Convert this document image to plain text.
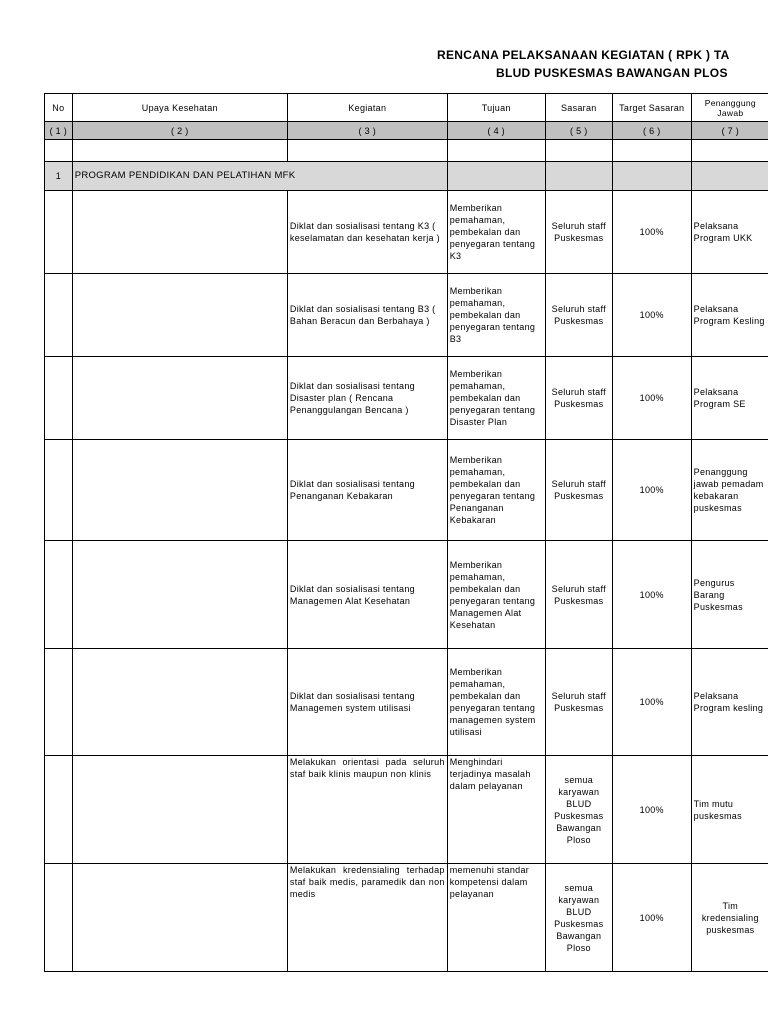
RENCANA PELAKSANAAN KEGIATAN ( RPK ) TA
BLUD PUSKESMAS BAWANGAN PLOS
No	Upaya Kesehatan	Kegiatan	Tujuan	Sasaran	Target Sasaran	Penanggung Jawab
( 1 )	( 2 )	( 3 )	( 4 )	( 5 )	( 6 )	( 7 )

1	PROGRAM PENDIDIKAN DAN PELATIHAN MFK					
		Diklat dan sosialisasi tentang K3 ( keselamatan dan kesehatan kerja )	Memberikan pemahaman, pembekalan dan penyegaran tentang K3	Seluruh staff Puskesmas	100%	Pelaksana Program UKK
		Diklat dan sosialisasi tentang B3 ( Bahan Beracun dan Berbahaya )	Memberikan pemahaman, pembekalan dan penyegaran tentang B3	Seluruh staff Puskesmas	100%	Pelaksana Program Kesling
		Diklat dan sosialisasi tentang Disaster plan ( Rencana Penanggulangan Bencana )	Memberikan pemahaman, pembekalan dan penyegaran tentang Disaster Plan	Seluruh staff Puskesmas	100%	Pelaksana Program SE
		Diklat dan sosialisasi tentang Penanganan Kebakaran	Memberikan pemahaman, pembekalan dan penyegaran tentang Penanganan Kebakaran	Seluruh staff Puskesmas	100%	Penanggung jawab pemadam kebakaran puskesmas
		Diklat dan sosialisasi tentang Managemen Alat Kesehatan	Memberikan pemahaman, pembekalan dan penyegaran tentang Managemen Alat Kesehatan	Seluruh staff Puskesmas	100%	Pengurus Barang Puskesmas
		Diklat dan sosialisasi tentang Managemen system utilisasi	Memberikan pemahaman, pembekalan dan penyegaran tentang managemen system utilisasi	Seluruh staff Puskesmas	100%	Pelaksana Program kesling
		Melakukan orientasi pada seluruh staf baik klinis maupun non klinis	Menghindari terjadinya masalah dalam pelayanan	semua karyawan BLUD Puskesmas Bawangan Ploso	100%	Tim mutu puskesmas
		Melakukan kredensialing terhadap staf baik medis, paramedik dan non medis	memenuhi standar kompetensi dalam pelayanan	semua karyawan BLUD Puskesmas Bawangan Ploso	100%	Tim kredensialing puskesmas
